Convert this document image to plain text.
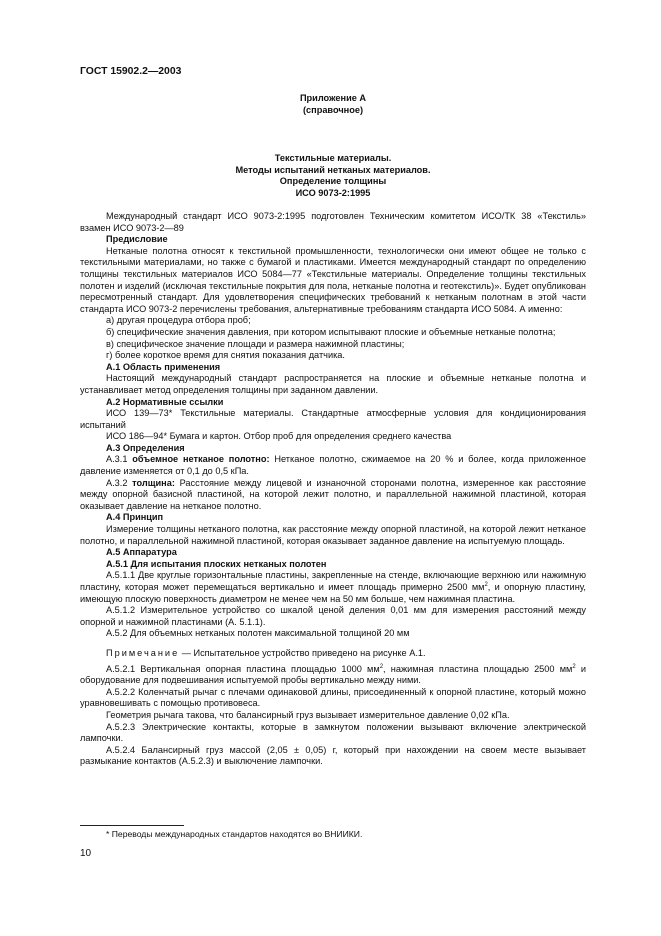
ГОСТ 15902.2—2003
Приложение А
(справочное)
Текстильные материалы.
Методы испытаний нетканых материалов.
Определение толщины
ИСО 9073-2:1995

Международный стандарт ИСО 9073-2:1995 подготовлен Техническим комитетом ИСО/ТК 38 «Текстиль» взамен ИСО 9073-2—89

Предисловие

Нетканые полотна относят к текстильной промышленности, технологически они имеют общее не только с текстильными материалами, но также с бумагой и пластиками. Имеется международный стандарт по определению толщины текстильных материалов ИСО 5084—77 «Текстильные материалы. Определение толщины текстильных полотен и изделий (исключая текстильные покрытия для пола, нетканые полотна и геотекстиль)». Будет опубликован пересмотренный стандарт. Для удовлетворения специфических требований к нетканым полотнам в этой части стандарта ИСО 9073-2 перечислены требования, альтернативные требованиям стандарта ИСО 5084. А именно:

а) другая процедура отбора проб;

б) специфические значения давления, при котором испытывают плоские и объемные нетканые полотна;

в) специфическое значение площади и размера нажимной пластины;

г) более короткое время для снятия показания датчика.

А.1 Область применения

Настоящий международный стандарт распространяется на плоские и объемные нетканые полотна и устанавливает метод определения толщины при заданном давлении.

А.2 Нормативные ссылки

ИСО 139—73* Текстильные материалы. Стандартные атмосферные условия для кондиционирования испытаний

ИСО 186—94* Бумага и картон. Отбор проб для определения среднего качества

А.3 Определения

А.3.1 объемное нетканое полотно: Нетканое полотно, сжимаемое на 20 % и более, когда приложенное давление изменяется от 0,1 до 0,5 кПа.

А.3.2 толщина: Расстояние между лицевой и изнаночной сторонами полотна, измеренное как расстояние между опорной базисной пластиной, на которой лежит полотно, и параллельной нажимной пластиной, которая оказывает давление на нетканое полотно.

А.4 Принцип

Измерение толщины нетканого полотна, как расстояние между опорной пластиной, на которой лежит нетканое полотно, и параллельной нажимной пластиной, которая оказывает заданное давление на испытуемую площадь.

А.5 Аппаратура

А.5.1 Для испытания плоских нетканых полотен

А.5.1.1 Две круглые горизонтальные пластины, закрепленные на стенде, включающие верхнюю или нажимную пластину, которая может перемещаться вертикально и имеет площадь примерно 2500 $мм^2$, и опорную пластину, имеющую плоскую поверхность диаметром не менее чем на 50 мм больше, чем нажимная пластина.

А.5.1.2 Измерительное устройство со шкалой ценой деления 0,01 мм для измерения расстояний между опорной и нажимной пластинами (А. 5.1.1).

А.5.2 Для объемных нетканых полотен максимальной толщиной 20 мм

Примечание — Испытательное устройство приведено на рисунке А.1.

А.5.2.1 Вертикальная опорная пластина площадью 1000 $мм^2$, нажимная пластина площадью 2500 $мм^2$ и оборудование для подвешивания испытуемой пробы вертикально между ними.

А.5.2.2 Коленчатый рычаг с плечами одинаковой длины, присоединенный к опорной пластине, который можно уравновешивать с помощью противовеса.

Геометрия рычага такова, что балансирный груз вызывает измерительное давление 0,02 кПа.

А.5.2.3 Электрические контакты, которые в замкнутом положении вызывают включение электрической лампочки.

А.5.2.4 Балансирный груз массой (2,05 ± 0,05) г, который при нахождении на своем месте вызывает размыкание контактов (А.5.2.3) и выключение лампочки.

* Переводы международных стандартов находятся во ВНИИКИ.
10
